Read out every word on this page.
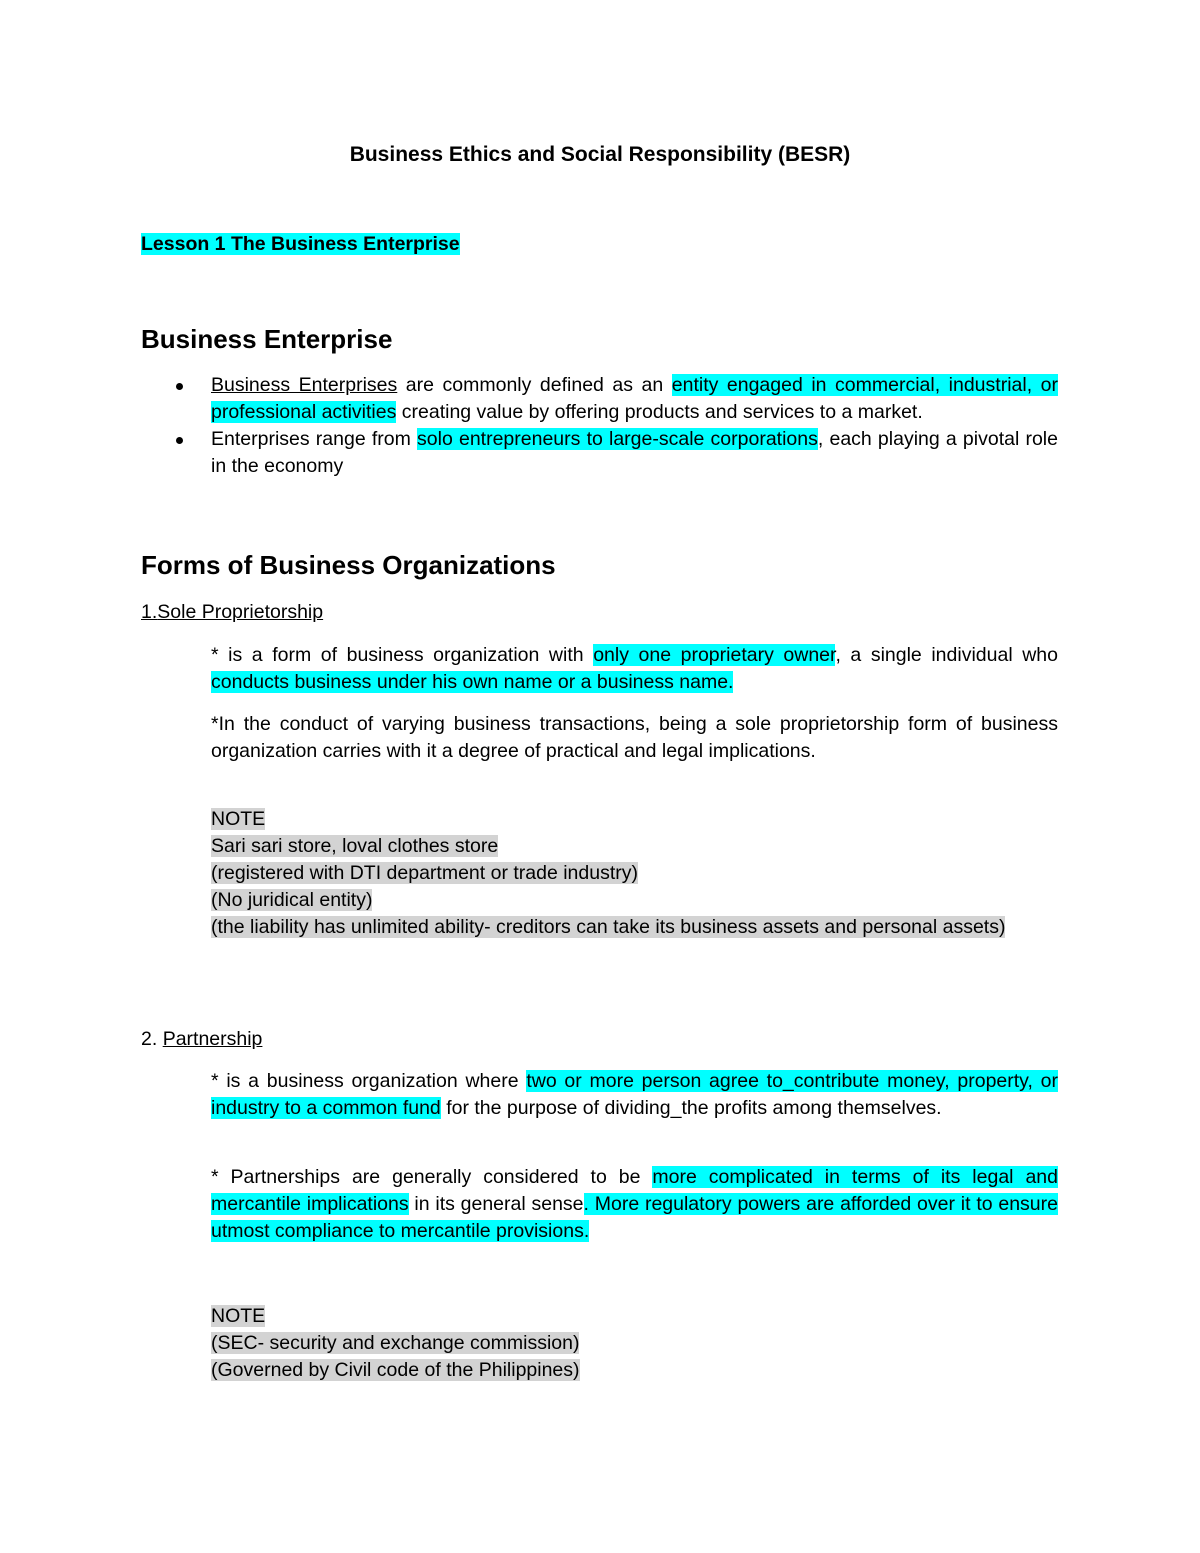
Business Ethics and Social Responsibility (BESR)
Lesson 1 The Business Enterprise
Business Enterprise
Business Enterprises are commonly defined as an entity engaged in commercial, industrial, or professional activities creating value by offering products and services to a market.
Enterprises range from solo entrepreneurs to large-scale corporations, each playing a pivotal role in the economy
Forms of Business Organizations
1.Sole Proprietorship
* is a form of business organization with only one proprietary owner, a single individual who conducts business under his own name or a business name.
*In the conduct of varying business transactions, being a sole proprietorship form of business organization carries with it a degree of practical and legal implications.
NOTE
Sari sari store, loval clothes store
(registered with DTI department or trade industry)
(No juridical entity)
(the liability has unlimited ability- creditors can take its business assets and personal assets)
2. Partnership
* is a business organization where two or more person agree to_contribute money, property, or industry to a common fund for the purpose of dividing_the profits among themselves.
* Partnerships are generally considered to be more complicated in terms of its legal and mercantile implications in its general sense. More regulatory powers are afforded over it to ensure utmost compliance to mercantile provisions.
NOTE
(SEC- security and exchange commission)
(Governed by Civil code of the Philippines)
